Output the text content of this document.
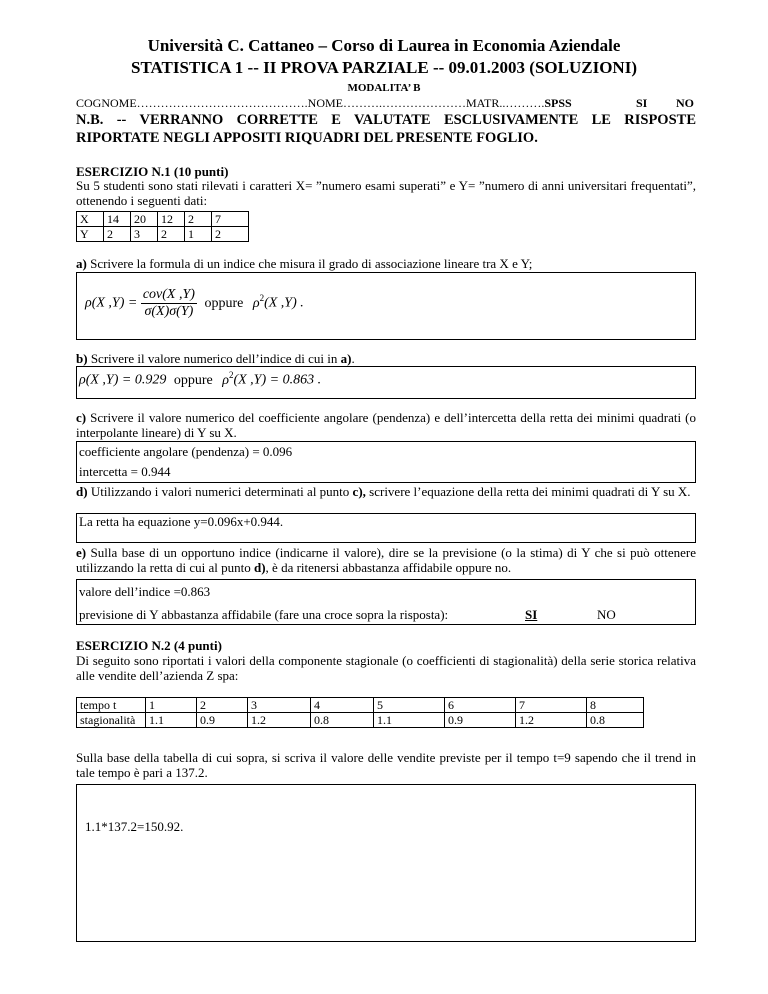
Università C. Cattaneo – Corso di Laurea in Economia Aziendale
STATISTICA 1 -- II PROVA PARZIALE -- 09.01.2003 (SOLUZIONI)
MODALITA’ B
COGNOME…………………………………….NOME……….…………………MATR..……….SPSS	SI NO
N.B. -- VERRANNO CORRETTE E VALUTATE ESCLUSIVAMENTE LE RISPOSTE RIPORTATE NEGLI APPOSITI RIQUADRI DEL PRESENTE FOGLIO.
ESERCIZIO N.1 (10 punti)
Su 5 studenti sono stati rilevati i caratteri X= ”numero esami superati” e Y= ”numero di anni universitari frequentati”, ottenendo i seguenti dati:
X	14	20	12	2	7
Y	2	3	2	1	2
a) Scrivere la formula di un indice che misura il grado di associazione lineare tra X e Y;
ρ(X $,Y) = \frac{\text{cov(X ,Y)}}{\sigma(X)\sigma(Y)}$ oppure $\rho^2(X$ ,Y) .
b) Scrivere il valore numerico dell’indice di cui in a).
ρ(X ,Y) = 0.929 oppure $\rho^2(X$ ,Y) = 0.863 .
c) Scrivere il valore numerico del coefficiente angolare (pendenza) e dell’intercetta della retta dei minimi quadrati (o interpolante lineare) di Y su X.
coefficiente angolare (pendenza) = 0.096
intercetta = 0.944
d) Utilizzando i valori numerici determinati al punto c), scrivere l’equazione della retta dei minimi quadrati di Y su X.
La retta ha equazione y=0.096x+0.944.
e) Sulla base di un opportuno indice (indicarne il valore), dire se la previsione (o la stima) di Y che si può ottenere utilizzando la retta di cui al punto d), è da ritenersi abbastanza affidabile oppure no.
valore dell’indice =0.863
previsione di Y abbastanza affidabile (fare una croce sopra la risposta):	SI	NO
ESERCIZIO N.2 (4 punti)
Di seguito sono riportati i valori della componente stagionale (o coefficienti di stagionalità) della serie storica relativa alle vendite dell’azienda Z spa:
tempo t	1	2	3	4	5	6	7	8
stagionalità	1.1	0.9	1.2	0.8	1.1	0.9	1.2	0.8
Sulla base della tabella di cui sopra, si scriva il valore delle vendite previste per il tempo t=9 sapendo che il trend in tale tempo è pari a 137.2.
1.1*137.2=150.92.
